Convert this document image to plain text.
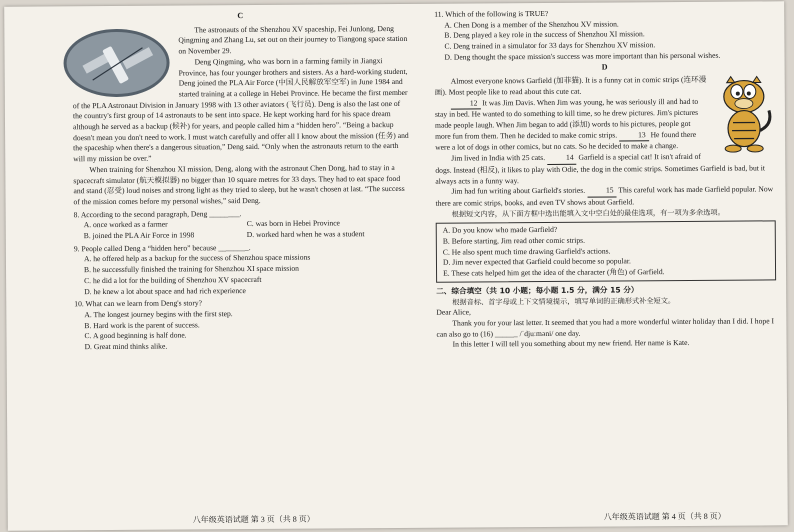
C

The astronauts of the Shenzhou XV spaceship, Fei Junlong, Deng Qingming and Zhang Lu, set out on their journey to Tiangong space station on November 29.

Deng Qingming, who was born in a farming family in Jiangxi Province, has four younger brothers and sisters. As a hard-working student, Deng joined the PLA Air Force (中国人民解放军空军) in June 1984 and started training at a college in Hebei Province. He became the first member of the PLA Astronaut Division in January 1998 with 13 other aviators (飞行员). Deng is also the last one of the country's first group of 14 astronauts to be sent into space. He kept working hard for his space dream although he served as a backup (候补) for years, and people called him a “hidden hero”. “Being a backup doesn't mean you don't need to work. I must watch carefully and offer all I know about the mission (任务) and the spaceship when there's a dangerous situation,” Deng said. “Only when the astronauts return to the earth will my mission be over.”

When training for Shenzhou XI mission, Deng, along with the astronaut Chen Dong, had to stay in a spacecraft simulator (航天模拟器) no bigger than 10 square metres for 33 days. They had to eat space food and stand (忍受) loud noises and strong light as they tried to sleep, but he wasn't chosen at last. “The success of the mission comes before my personal wishes,” said Deng.

8. According to the second paragraph, Deng ________.

A. once worked as a farmer	C. was born in Hebei Province
B. joined the PLA Air Force in 1998	D. worked hard when he was a student

9. People called Deng a “hidden hero” because ________.

A. he offered help as a backup for the success of Shenzhou space missions

B. he successfully finished the training for Shenzhou XI space mission

C. he did a lot for the building of Shenzhou XV spacecraft

D. he knew a lot about space and had rich experience

10. What can we learn from Deng's story?

A. The longest journey begins with the first step.

B. Hard work is the parent of success.

C. A good beginning is half done.

D. Great mind thinks alike.

八年级英语试题 第 3 页（共 8 页）

11. Which of the following is TRUE?

A. Chen Dong is a member of the Shenzhou XV mission.

B. Deng played a key role in the success of Shenzhou XI mission.

C. Deng trained in a simulator for 33 days for Shenzhou XV mission.

D. Deng thought the space mission's success was more important than his personal wishes.

D

Almost everyone knows Garfield (加菲猫). It is a funny cat in comic strips (连环漫画). Most people like to read about this cute cat.

12 It was Jim Davis. When Jim was young, he was seriously ill and had to stay in bed. He wanted to do something to kill time, so he drew pictures. Jim's pictures made people laugh. When Jim began to add (添加) words to his pictures, people got more fun from them. Then he decided to make comic strips. 13 He found there were a lot of dogs in other comics, but no cats. So he decided to make a change.

Jim lived in India with 25 cats. 14 Garfield is a special cat! It isn't afraid of dogs. Instead (相反), it likes to play with Odie, the dog in the comic strips. Sometimes Garfield is bad, but it always acts in a funny way.

Jim had fun writing about Garfield's stories. 15 This careful work has made Garfield popular. Now there are comic strips, books, and even TV shows about Garfield.

根据短文内容，从下面方框中选出能填入文中空白处的最佳选项，有一项为多余选项。

A. Do you know who made Garfield?

B. Before starting, Jim read other comic strips.

C. He also spent much time drawing Garfield's actions.

D. Jim never expected that Garfield could become so popular.

E. These cats helped him get the idea of the character (角色) of Garfield.

二、综合填空（共 10 小题；每小题 1.5 分，满分 15 分）

根据音标、首字母或上下文情境提示，填写单词的正确形式补全短文。

Dear Alice,

Thank you for your last letter. It seemed that you had a more wonderful winter holiday than I did. I hope I can also go to (16) ______ /ˈdjuːməni/ one day.

In this letter I will tell you something about my new friend. Her name is Kate.

八年级英语试题 第 4 页（共 8 页）
